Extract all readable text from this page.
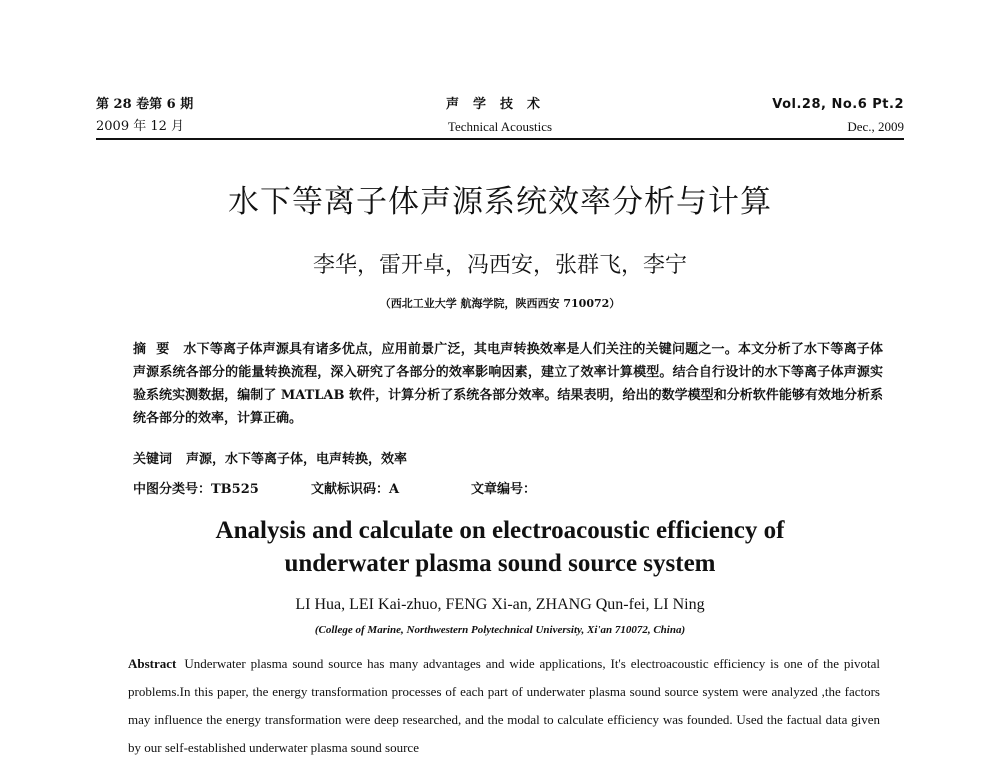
第 28 卷第 6 期
2009 年 12 月
声学技术
Technical Acoustics
Vol.28, No.6 Pt.2
Dec., 2009
水下等离子体声源系统效率分析与计算
李华，雷开卓，冯西安，张群飞，李宁
（西北工业大学 航海学院，陕西西安 710072）
摘要 水下等离子体声源具有诸多优点，应用前景广泛，其电声转换效率是人们关注的关键问题之一。本文分析了水下等离子体声源系统各部分的能量转换流程，深入研究了各部分的效率影响因素，建立了效率计算模型。结合自行设计的水下等离子体声源实验系统实测数据，编制了 MATLAB 软件，计算分析了系统各部分效率。结果表明，给出的数学模型和分析软件能够有效地分析系统各部分的效率，计算正确。
关键词 声源，水下等离子体，电声转换，效率
中图分类号：TB525	文献标识码：A	文章编号：
Analysis and calculate on electroacoustic efficiency of
underwater plasma sound source system
LI Hua, LEI Kai-zhuo, FENG Xi-an, ZHANG Qun-fei, LI Ning
(College of Marine, Northwestern Polytechnical University, Xi'an 710072, China)
Abstract Underwater plasma sound source has many advantages and wide applications, It's electroacoustic efficiency is one of the pivotal problems.In this paper, the energy transformation processes of each part of underwater plasma sound source system were analyzed ,the factors may influence the energy transformation were deep researched, and the modal to calculate efficiency was founded. Used the factual data given by our self-established underwater plasma sound source
